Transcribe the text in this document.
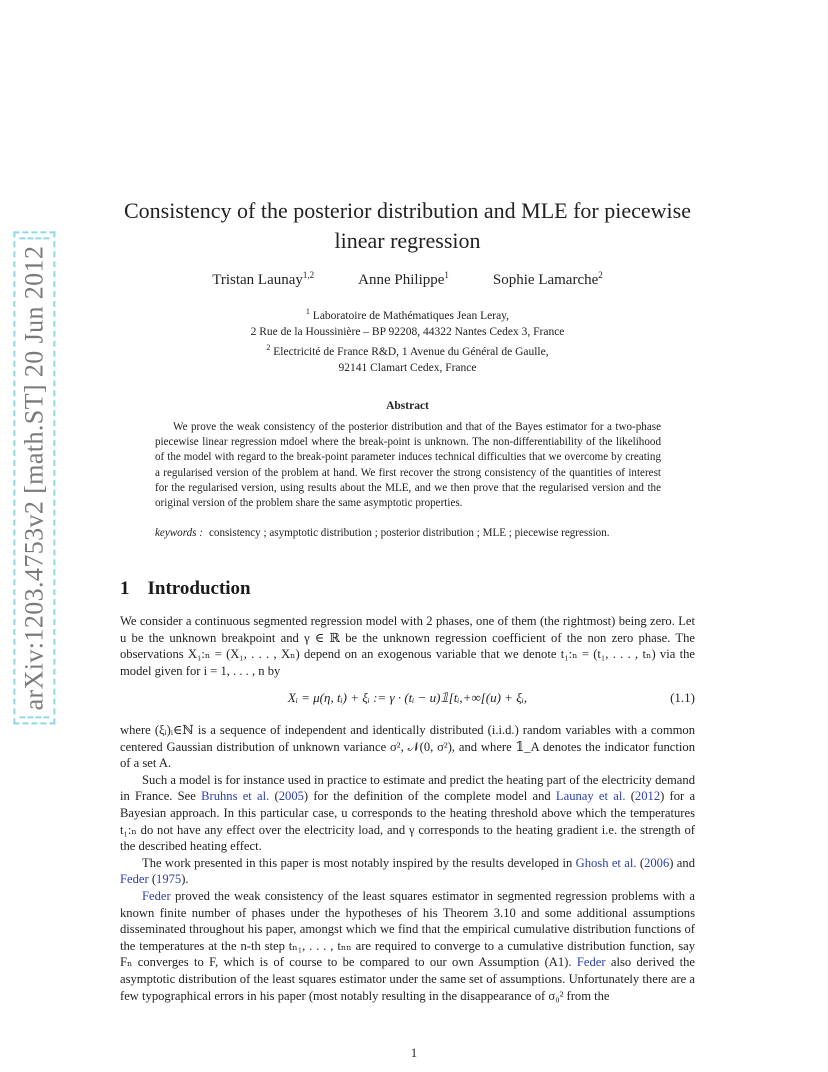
arXiv:1203.4753v2 [math.ST] 20 Jun 2012
Consistency of the posterior distribution and MLE for piecewise linear regression
Tristan Launay$^{1,2}$	Anne Philippe$^1$	Sophie Lamarche$^2$
$^1$ Laboratoire de Mathématiques Jean Leray,
2 Rue de la Houssinière – BP 92208, 44322 Nantes Cedex 3, France
$^2$ Electricité de France R&D, 1 Avenue du Général de Gaulle,
92141 Clamart Cedex, France
Abstract
We prove the weak consistency of the posterior distribution and that of the Bayes estimator for a two-phase piecewise linear regression mdoel where the break-point is unknown. The non-differentiability of the likelihood of the model with regard to the break-point parameter induces technical difficulties that we overcome by creating a regularised version of the problem at hand. We first recover the strong consistency of the quantities of interest for the regularised version, using results about the MLE, and we then prove that the regularised version and the original version of the problem share the same asymptotic properties.
keywords : consistency ; asymptotic distribution ; posterior distribution ; MLE ; piecewise regression.
1 Introduction
We consider a continuous segmented regression model with 2 phases, one of them (the rightmost) being zero. Let u be the unknown breakpoint and γ ∈ ℝ be the unknown regression coefficient of the non zero phase. The observations X₁:ₙ = (X₁, . . . , Xₙ) depend on an exogenous variable that we denote t₁:ₙ = (t₁, . . . , tₙ) via the model given for i = 1, . . . , n by
Xᵢ = μ(η, tᵢ) + ξᵢ := γ · (tᵢ − u)𝟙[tᵢ,+∞[(u) + ξᵢ,	(1.1)
where (ξᵢ)ᵢ∈ℕ is a sequence of independent and identically distributed (i.i.d.) random variables with a common centered Gaussian distribution of unknown variance σ², 𝒩(0, σ²), and where 𝟙_A denotes the indicator function of a set A.
Such a model is for instance used in practice to estimate and predict the heating part of the electricity demand in France. See Bruhns et al. (2005) for the definition of the complete model and Launay et al. (2012) for a Bayesian approach. In this particular case, u corresponds to the heating threshold above which the temperatures t₁:ₙ do not have any effect over the electricity load, and γ corresponds to the heating gradient i.e. the strength of the described heating effect.
The work presented in this paper is most notably inspired by the results developed in Ghosh et al. (2006) and Feder (1975).
Feder proved the weak consistency of the least squares estimator in segmented regression problems with a known finite number of phases under the hypotheses of his Theorem 3.10 and some additional assumptions disseminated throughout his paper, amongst which we find that the empirical cumulative distribution functions of the temperatures at the n-th step tₙ₁, . . . , tₙₙ are required to converge to a cumulative distribution function, say Fₙ converges to F, which is of course to be compared to our own Assumption (A1). Feder also derived the asymptotic distribution of the least squares estimator under the same set of assumptions. Unfortunately there are a few typographical errors in his paper (most notably resulting in the disappearance of σ₀² from the
1
